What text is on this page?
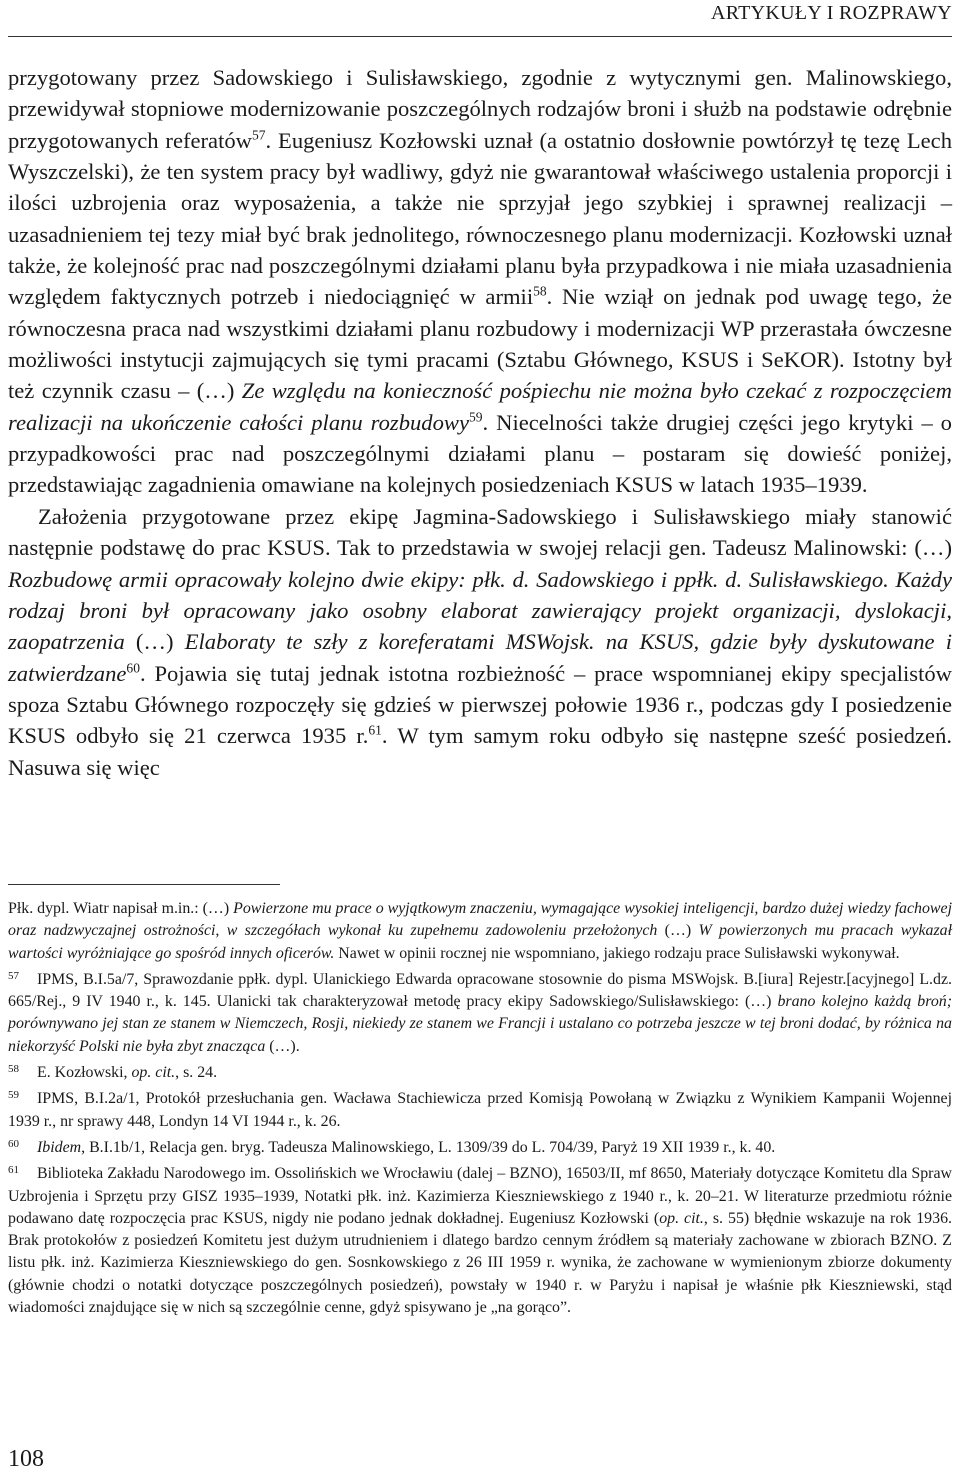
ARTYKUŁY I ROZPRAWY

przygotowany przez Sadowskiego i Sulisławskiego, zgodnie z wytycznymi gen. Malinowskiego, przewidywał stopniowe modernizowanie poszczególnych rodzajów broni i służb na podstawie odrębnie przygotowanych referatów$^{57}$. Eugeniusz Kozłowski uznał (a ostatnio dosłownie powtórzył tę tezę Lech Wyszczelski), że ten system pracy był wadliwy, gdyż nie gwarantował właściwego ustalenia proporcji i ilości uzbrojenia oraz wyposażenia, a także nie sprzyjał jego szybkiej i sprawnej realizacji – uzasadnieniem tej tezy miał być brak jednolitego, równoczesnego planu modernizacji. Kozłowski uznał także, że kolejność prac nad poszczególnymi działami planu była przypadkowa i nie miała uzasadnienia względem faktycznych potrzeb i niedociągnięć w armii$^{58}$. Nie wziął on jednak pod uwagę tego, że równoczesna praca nad wszystkimi działami planu rozbudowy i modernizacji WP przerastała ówczesne możliwości instytucji zajmujących się tymi pracami (Sztabu Głównego, KSUS i SeKOR). Istotny był też czynnik czasu – (…) Ze względu na konieczność pośpiechu nie można było czekać z rozpoczęciem realizacji na ukończenie całości planu rozbudowy$^{59}$. Niecelności także drugiej części jego krytyki – o przypadkowości prac nad poszczególnymi działami planu – postaram się dowieść poniżej, przedstawiając zagadnienia omawiane na kolejnych posiedzeniach KSUS w latach 1935–1939.

Założenia przygotowane przez ekipę Jagmina-Sadowskiego i Sulisławskiego miały stanowić następnie podstawę do prac KSUS. Tak to przedstawia w swojej relacji gen. Tadeusz Malinowski: (…) Rozbudowę armii opracowały kolejno dwie ekipy: płk. d. Sadowskiego i ppłk. d. Sulisławskiego. Każdy rodzaj broni był opracowany jako osobny elaborat zawierający projekt organizacji, dyslokacji, zaopatrzenia (…) Elaboraty te szły z koreferatami MSWojsk. na KSUS, gdzie były dyskutowane i zatwierdzane$^{60}$. Pojawia się tutaj jednak istotna rozbieżność – prace wspomnianej ekipy specjalistów spoza Sztabu Głównego rozpoczęły się gdzieś w pierwszej połowie 1936 r., podczas gdy I posiedzenie KSUS odbyło się 21 czerwca 1935 r.$^{61}$. W tym samym roku odbyło się następne sześć posiedzeń. Nasuwa się więc

Płk. dypl. Wiatr napisał m.in.: (…) Powierzone mu prace o wyjątkowym znaczeniu, wymagające wysokiej inteligencji, bardzo dużej wiedzy fachowej oraz nadzwyczajnej ostrożności, w szczegółach wykonał ku zupełnemu zadowoleniu przełożonych (…) W powierzonych mu pracach wykazał wartości wyróżniające go spośród innych oficerów. Nawet w opinii rocznej nie wspomniano, jakiego rodzaju prace Sulisławski wykonywał.

57 IPMS, B.I.5a/7, Sprawozdanie ppłk. dypl. Ulanickiego Edwarda opracowane stosownie do pisma MSWojsk. B.[iura] Rejestr.[acyjnego] L.dz. 665/Rej., 9 IV 1940 r., k. 145. Ulanicki tak charakteryzował metodę pracy ekipy Sadowskiego/Sulisławskiego: (…) brano kolejno każdą broń; porównywano jej stan ze stanem w Niemczech, Rosji, niekiedy ze stanem we Francji i ustalano co potrzeba jeszcze w tej broni dodać, by różnica na niekorzyść Polski nie była zbyt znacząca (…).

58 E. Kozłowski, op. cit., s. 24.

59 IPMS, B.I.2a/1, Protokół przesłuchania gen. Wacława Stachiewicza przed Komisją Powołaną w Związku z Wynikiem Kampanii Wojennej 1939 r., nr sprawy 448, Londyn 14 VI 1944 r., k. 26.

60 Ibidem, B.I.1b/1, Relacja gen. bryg. Tadeusza Malinowskiego, L. 1309/39 do L. 704/39, Paryż 19 XII 1939 r., k. 40.

61 Biblioteka Zakładu Narodowego im. Ossolińskich we Wrocławiu (dalej – BZNO), 16503/II, mf 8650, Materiały dotyczące Komitetu dla Spraw Uzbrojenia i Sprzętu przy GISZ 1935–1939, Notatki płk. inż. Kazimierza Kieszniewskiego z 1940 r., k. 20–21. W literaturze przedmiotu różnie podawano datę rozpoczęcia prac KSUS, nigdy nie podano jednak dokładnej. Eugeniusz Kozłowski (op. cit., s. 55) błędnie wskazuje na rok 1936. Brak protokołów z posiedzeń Komitetu jest dużym utrudnieniem i dlatego bardzo cennym źródłem są materiały zachowane w zbiorach BZNO. Z listu płk. inż. Kazimierza Kieszniewskiego do gen. Sosnkowskiego z 26 III 1959 r. wynika, że zachowane w wymienionym zbiorze dokumenty (głównie chodzi o notatki dotyczące poszczególnych posiedzeń), powstały w 1940 r. w Paryżu i napisał je właśnie płk Kieszniewski, stąd wiadomości znajdujące się w nich są szczególnie cenne, gdyż spisywano je „na gorąco”.

108
